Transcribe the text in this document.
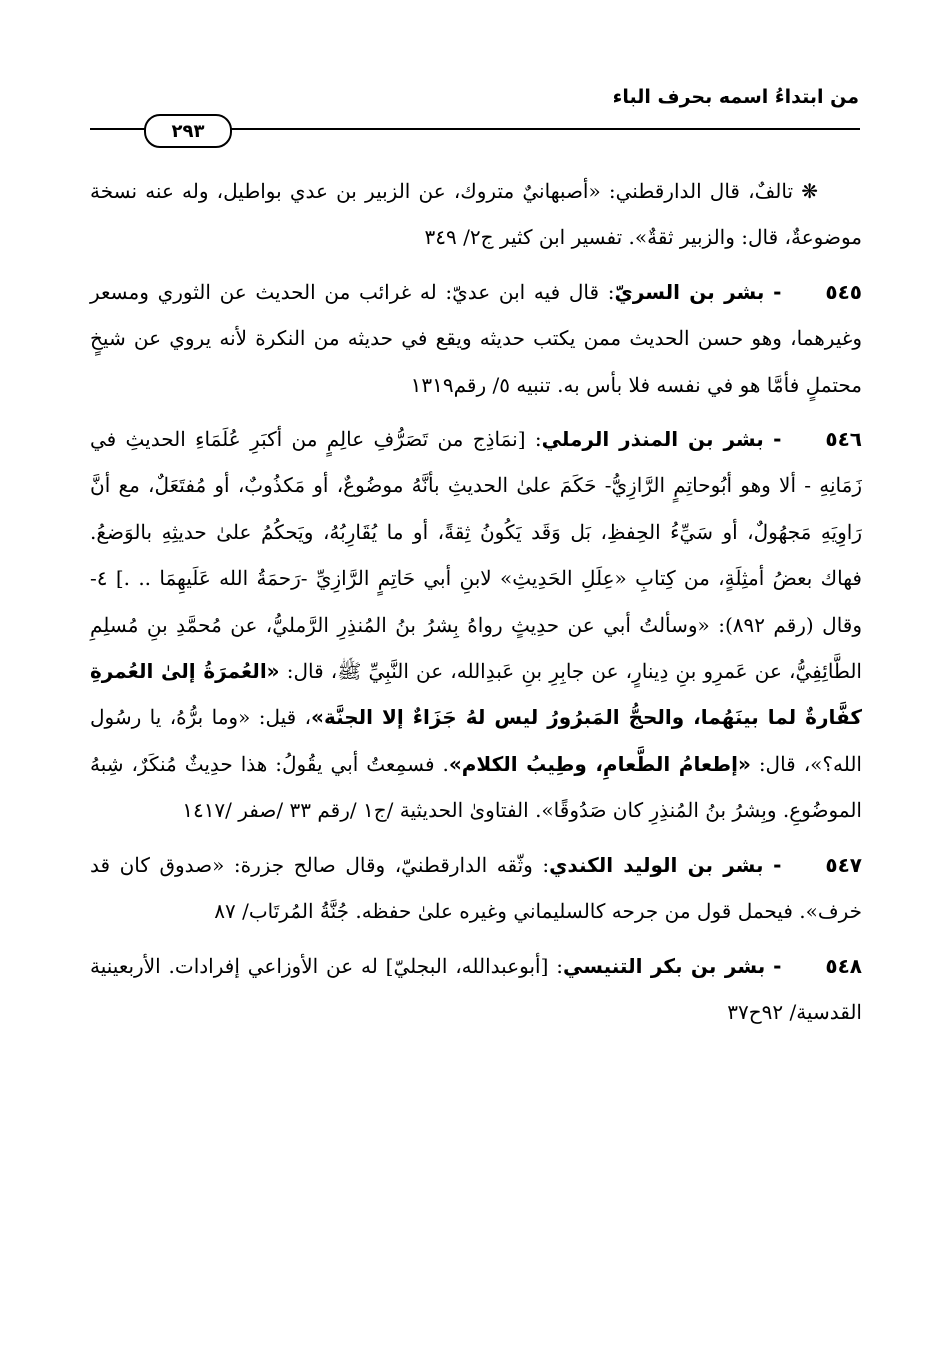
من ابتداءُ اسمه بحرف الباء
٢٩٣

❋ تالفٌ، قال الدارقطني: «أصبهانيٌ متروك، عن الزبير بن عدي بواطيل، وله عنه نسخة موضوعةٌ، قال: والزبير ثقةٌ». تفسير ابن كثير ج٢/ ٣٤٩

٥٤٥- بشر بن السريّ: قال فيه ابن عديّ: له غرائب من الحديث عن الثوري ومسعر وغيرهما، وهو حسن الحديث ممن يكتب حديثه ويقع في حديثه من النكرة لأنه يروي عن شيخٍ محتملٍ فأمَّا هو في نفسه فلا بأس به. تنبيه ٥/ رقم١٣١٩

٥٤٦- بشر بن المنذر الرملي: [نمَاذِج من تَصَرُّفِ عالِمٍ من أكبَرِ عُلَمَاءِ الحديثِ في زَمَانِهِ - ألا وهو أبُوحاتِمٍ الرَّازِيُّ- حَكَمَ علىٰ الحديثِ بأنَّهُ موضُوعٌ، أو مَكذُوبٌ، أو مُفتَعَلٌ، مع أنَّ رَاوِيَهِ مَجهُولٌ، أو سَيِّءُ الحِفظِ، بَل وَقَد يَكُونُ ثِقةً، أو ما يُقَارِبُهُ، ويَحكُمُ علىٰ حديثِهِ بالوَضعُ. فهاك بعضُ أمثِلَةٍ، من كِتابِ «عِلَلِ الحَدِيثِ» لابنِ أبي حَاتِمٍ الرَّازِيِّ -رَحمَةُ الله عَلَيهِمَا .. .] ٤- وقال (رقم ٨٩٢): «وسألتُ أبي عن حدِيثٍ رواهُ بِشرُ بنُ المُنذِرِ الرَّمليُّ، عن مُحمَّدِ بنِ مُسلِمِ الطَّائِفِيُّ، عن عَمرِو بنِ دِينارٍ، عن جابِرِ بنِ عَبدِالله، عن النَّبِيِّ ﷺ، قال: «العُمرَةُ إلىٰ العُمرةِ كفَّارةٌ لما بينَهُما، والحجُّ المَبرُورُ ليس لهُ جَزَاءٌ إلا الجنَّة»، قيل: «وما برُّهُ، يا رسُول الله؟»، قال: «إطعامُ الطَّعامِ، وطِيبُ الكلام». فسمِعتُ أبي يقُولُ: هذا حدِيثٌ مُنكَرٌ، شِبهُ الموضُوعِ. وبِشرُ بنُ المُنذِرِ كان صَدُوقًا». الفتاوىٰ الحديثية /ج١ /رقم ٣٣ /صفر /١٤١٧

٥٤٧- بشر بن الوليد الكندي: وثّقه الدارقطنيّ، وقال صالح جزرة: «صدوق كان قد خرف». فيحمل قول من جرحه كالسليماني وغيره علىٰ حفظه. جُنَّةُ المُرتَاب/ ٨٧

٥٤٨- بشر بن بكر التنيسي: [أبوعبدالله، البجليّ] له عن الأوزاعي إفرادات. الأربعينية القدسية/ ٩٢ح٣٧
